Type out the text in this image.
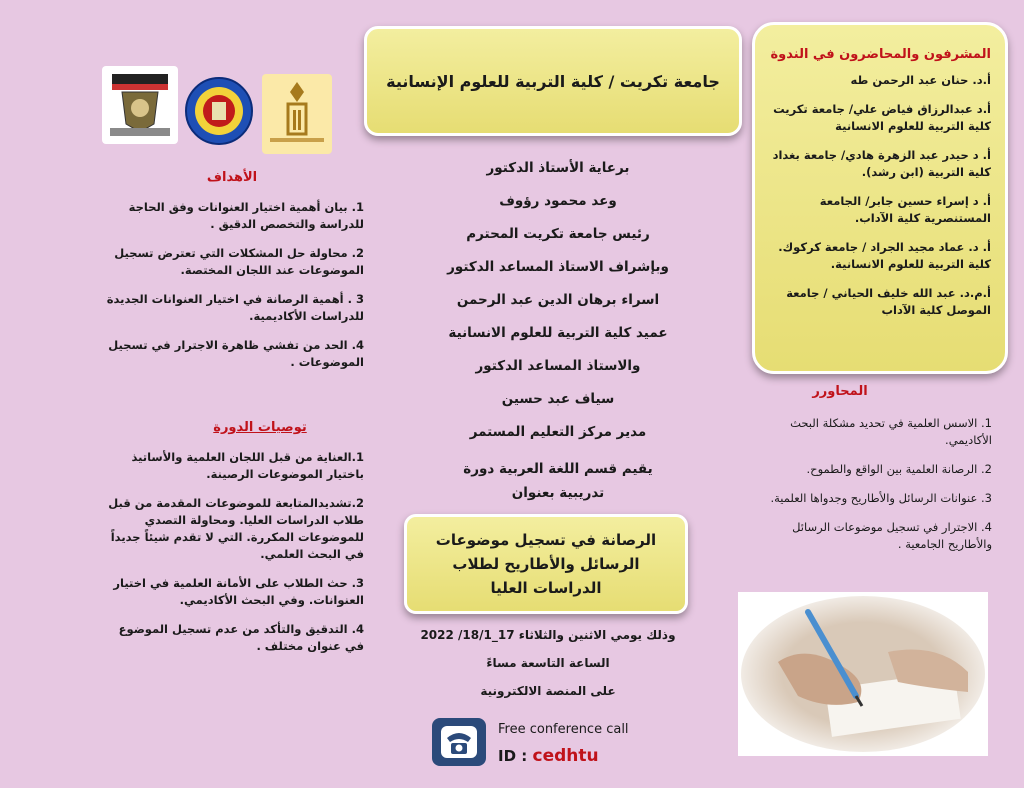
جامعة تكريت / كلية التربية للعلوم الإنسانية
المشرفون والمحاضرون في الندوة

أ.د. حنان عبد الرحمن طه

أ.د عبدالرزاق فياض علي/ جامعة تكريت كلية التربية للعلوم الانسانية

أ. د حيدر عبد الزهرة هادي/ جامعة بغداد كلية التربية (ابن رشد).

أ. د إسراء حسين جابر/ الجامعة المستنصرية كلية الآداب.

أ. د. عماد مجيد الجراد / جامعة كركوك. كلية التربية للعلوم الانسانية.

أ.م.د. عبد الله خليف الحياني / جامعة الموصل كلية الآداب

المحاورر

1. الاسس العلمية في تحديد مشكلة البحث الأكاديمي.

2. الرصانة العلمية بين الواقع والطموح.

3. عنوانات الرسائل والأطاريح وجدواها العلمية.

4. الاجترار في تسجيل موضوعات الرسائل والأطاريح الجامعية .

برعاية الأستاذ الدكتور
وعد محمود رؤوف
رئيس جامعة تكريت المحترم
وبإشراف الاستاذ المساعد الدكتور
اسراء برهان الدين عبد الرحمن
عميد كلية التربية للعلوم الانسانية
والاستاذ المساعد الدكتور
سياف عبد حسين
مدير مركز التعليم المستمر
يقيم قسم اللغة العربية دورة تدريبية بعنوان
الرصانة في تسجيل موضوعات الرسائل والأطاريح لطلاب الدراسات العليا
وذلك يومي الاثنين والثلاثاء 17_18/1/ 2022
الساعة التاسعة مساءً
على المنصة الالكترونية
Free conference call
ID : cedhtu
الأهداف

1. بيان أهمية اختيار العنوانات وفق الحاجة للدراسة والتخصص الدقيق .

2. محاولة حل المشكلات التي تعترض تسجيل الموضوعات عند اللجان المختصة.

3 . أهمية الرصانة في اختيار العنوانات الجديدة للدراسات الأكاديمية.

4. الحد من تفشي ظاهرة الاجترار في تسجيل الموضوعات .

توصيات الدورة

1.العناية من قبل اللجان العلمية والأساتيذ باختيار الموضوعات الرصينة.

2.تشديدالمتابعة للموضوعات المقدمة من قبل طلاب الدراسات العليا. ومحاولة التصدي للموضوعات المكررة. التي لا تقدم شيئاً جديداً في البحث العلمي.

3. حث الطلاب على الأمانة العلمية في اختيار العنوانات. وفي البحث الأكاديمي.

4. التدقيق والتأكد من عدم تسجيل الموضوع في عنوان مختلف .
